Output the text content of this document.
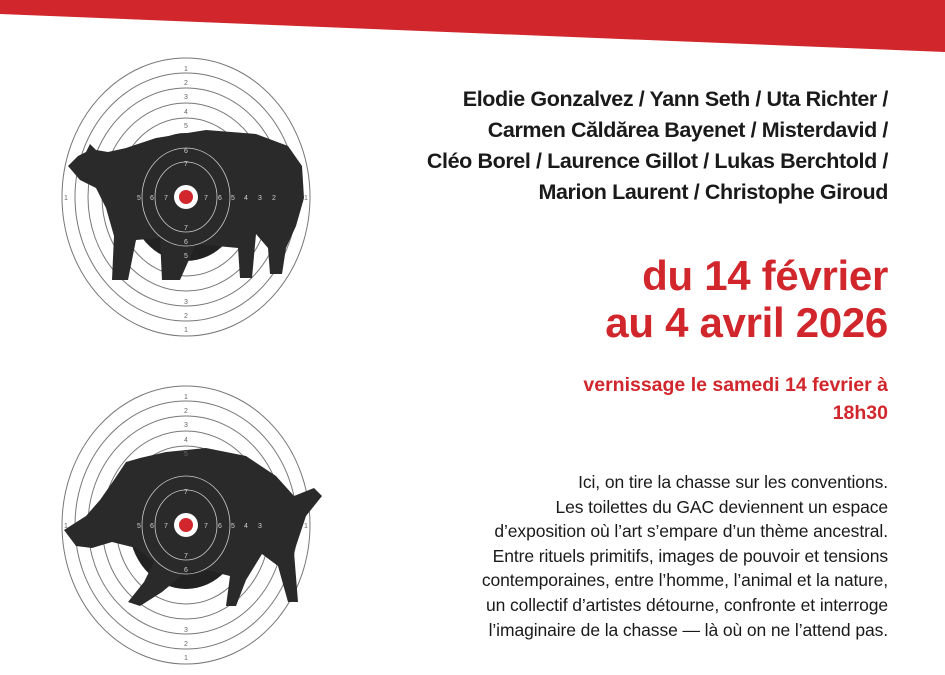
1
2
3
4
5
1
2
3
1	1
5 6 7	7 6 5 4 3 2
6
7
7
6
5
1
2
3
4
5
1
2
3
1	1
5 6 7	7 6 5 4 3
7
7
6
Elodie Gonzalvez / Yann Seth / Uta Richter /
Carmen Căldărea Bayenet / Misterdavid /
Cléo Borel / Laurence Gillot / Lukas Berchtold /
Marion Laurent / Christophe Giroud
du 14 février
au 4 avril 2026
vernissage le samedi 14 fevrier à
18h30
Ici, on tire la chasse sur les conventions.
Les toilettes du GAC deviennent un espace
d’exposition où l’art s’empare d’un thème ancestral.
Entre rituels primitifs, images de pouvoir et tensions
contemporaines, entre l’homme, l’animal et la nature,
un collectif d’artistes détourne, confronte et interroge
l’imaginaire de la chasse — là où on ne l’attend pas.
